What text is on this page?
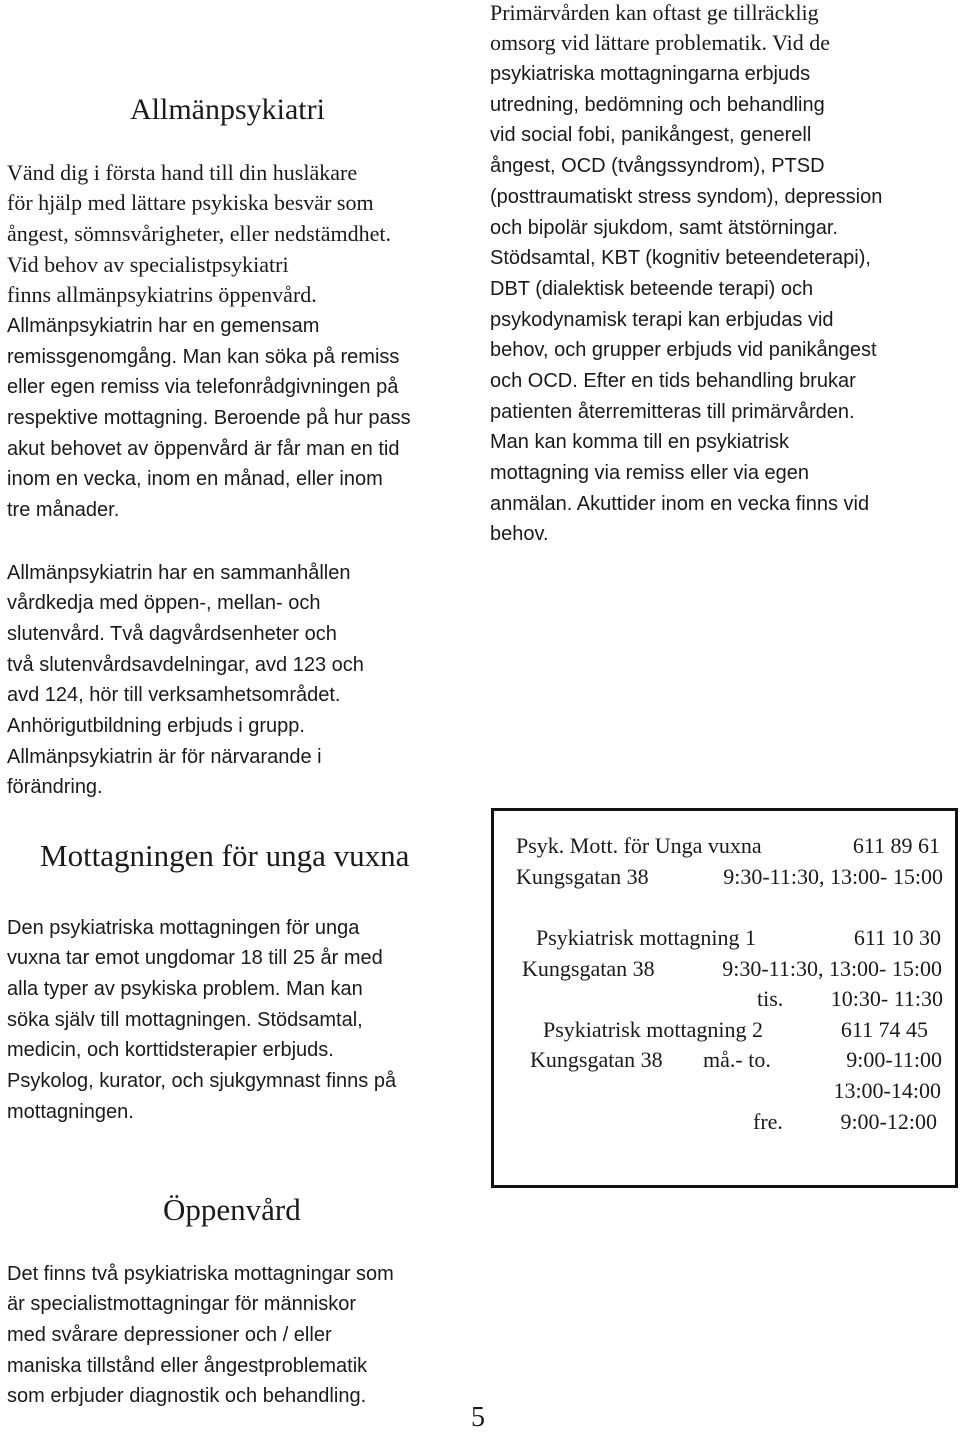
Allmänpsykiatri
Vänd dig i första hand till din husläkare
för hjälp med lättare psykiska besvär som
ångest, sömnsvårigheter, eller nedstämdhet.
Vid behov av specialistpsykiatri
finns allmänpsykiatrins öppenvård.
Allmänpsykiatrin har en gemensam
remissgenomgång. Man kan söka på remiss
eller egen remiss via telefonrådgivningen på
respektive mottagning. Beroende på hur pass
akut behovet av öppenvård är får man en tid
inom en vecka, inom en månad, eller inom
tre månader.
Allmänpsykiatrin har en sammanhållen
vårdkedja med öppen-, mellan- och
slutenvård. Två dagvårdsenheter och
två slutenvårdsavdelningar, avd 123 och
avd 124, hör till verksamhetsområdet.
Anhörigutbildning erbjuds i grupp.
Allmänpsykiatrin är för närvarande i
förändring.
Mottagningen för unga vuxna
Den psykiatriska mottagningen för unga
vuxna tar emot ungdomar 18 till 25 år med
alla typer av psykiska problem. Man kan
söka själv till mottagningen. Stödsamtal,
medicin, och korttidsterapier erbjuds.
Psykolog, kurator, och sjukgymnast finns på
mottagningen.
Öppenvård
Det finns två psykiatriska mottagningar som
är specialistmottagningar för människor
med svårare depressioner och / eller
maniska tillstånd eller ångestproblematik
som erbjuder diagnostik och behandling.
5
Primärvården kan oftast ge tillräcklig
omsorg vid lättare problematik. Vid de
psykiatriska mottagningarna erbjuds
utredning, bedömning och behandling
vid social fobi, panikångest, generell
ångest, OCD (tvångssyndrom), PTSD
(posttraumatiskt stress syndom), depression
och bipolär sjukdom, samt ätstörningar.
Stödsamtal, KBT (kognitiv beteendeterapi),
DBT (dialektisk beteende terapi) och
psykodynamisk terapi kan erbjudas vid
behov, och grupper erbjuds vid panikångest
och OCD. Efter en tids behandling brukar
patienten återremitteras till primärvården.
Man kan komma till en psykiatrisk
mottagning via remiss eller via egen
anmälan. Akuttider inom en vecka finns vid
behov.
Psyk. Mott. för Unga vuxna	611 89 61
Kungsgatan 38	9:30-11:30, 13:00- 15:00
Psykiatrisk mottagning 1	611 10 30
Kungsgatan 38	9:30-11:30, 13:00- 15:00
tis. 10:30- 11:30
Psykiatrisk mottagning 2	611 74 45
Kungsgatan 38 må.- to.	9:00-11:00
13:00-14:00
fre.	9:00-12:00
